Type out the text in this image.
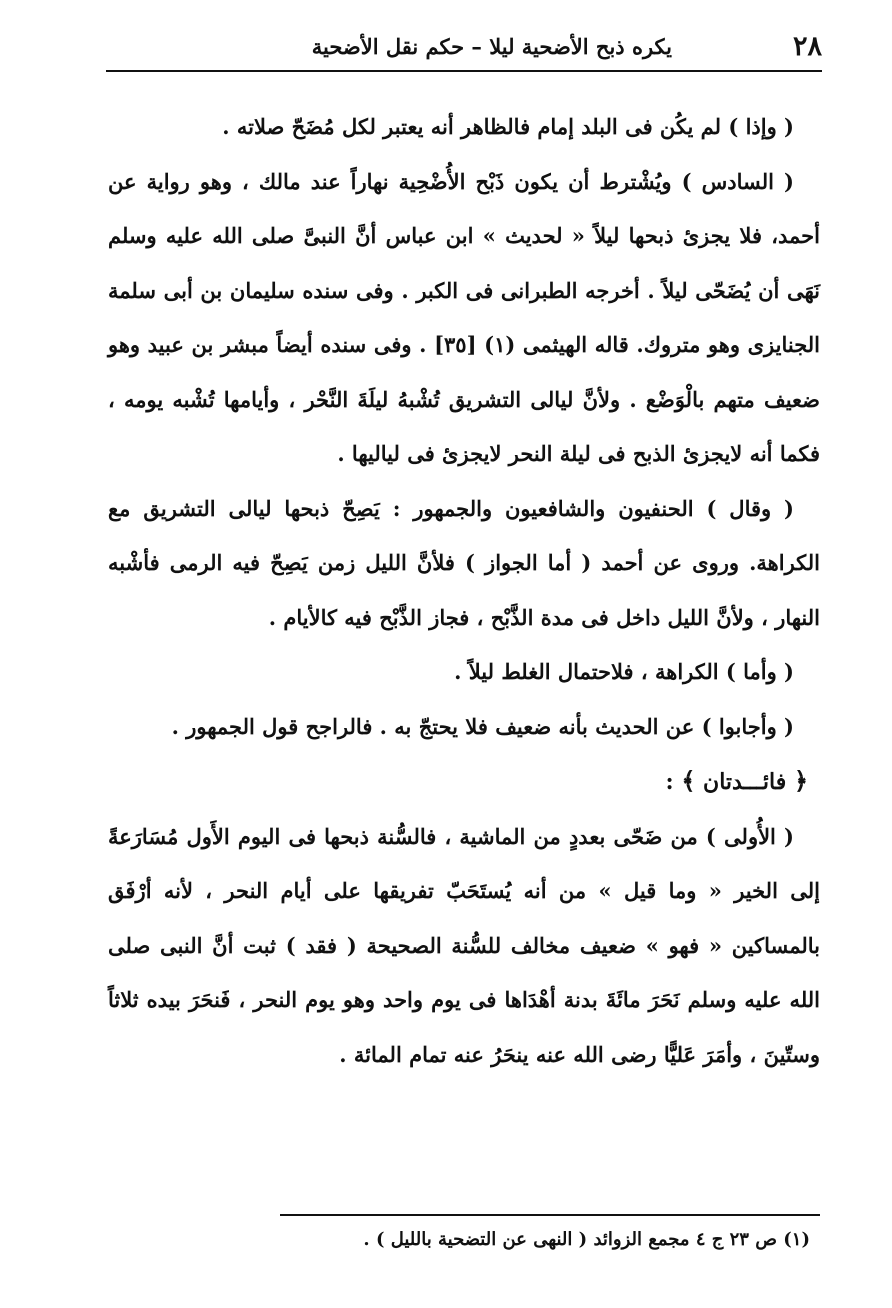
٢٨
يكره ذبح الأضحية ليلا – حكم نقل الأضحية

( وإذا ) لم يكُن فى البلد إمام فالظاهر أنه يعتبر لكل مُضَحّ صلاته .

( السادس ) ويُشْترط أن يكون ذَبْح الأُضْحِية نهاراً عند مالك ، وهو رواية عن أحمد، فلا يجزئ ذبحها ليلاً « لحديث » ابن عباس أنَّ النبىَّ صلى الله عليه وسلم نَهَى أن يُضَحّى ليلاً . أخرجه الطبرانى فى الكبر . وفى سنده سليمان بن أبى سلمة الجنايزى وهو متروك. قاله الهيثمى (١) [٣٥] . وفى سنده أيضاً مبشر بن عبيد وهو ضعيف متهم بالْوَضْع . ولأنَّ ليالى التشريق تُشْبهُ ليلَةَ النَّحْر ، وأيامها تُشْبه يومه ، فكما أنه لايجزئ الذبح فى ليلة النحر لايجزئ فى لياليها .

( وقال ) الحنفيون والشافعيون والجمهور : يَصِحّ ذبحها ليالى التشريق مع الكراهة. وروى عن أحمد ( أما الجواز ) فلأنَّ الليل زمن يَصِحّ فيه الرمى فأشْبه النهار ، ولأنَّ الليل داخل فى مدة الذَّبْح ، فجاز الذَّبْح فيه كالأيام .

( وأما ) الكراهة ، فلاحتمال الغلط ليلاً .

( وأجابوا ) عن الحديث بأنه ضعيف فلا يحتجّ به . فالراجح قول الجمهور .

﴿ فائـــدتان ﴾ :

( الأُولى ) من ضَحّى بعددٍ من الماشية ، فالسُّنة ذبحها فى اليوم الأَول مُسَارَعةً إلى الخير « وما قيل » من أنه يُستَحَبّ تفريقها على أيام النحر ، لأنه أرْفَق بالمساكين « فهو » ضعيف مخالف للسُّنة الصحيحة ( فقد ) ثبت أنَّ النبى صلى الله عليه وسلم نَحَرَ مائَةَ بدنة أهْدَاها فى يوم واحد وهو يوم النحر ، فَنحَرَ بيده ثلاثاً وستّينَ ، وأمَرَ عَليًّا رضى الله عنه ينحَرُ عنه تمام المائة .

(١) ص ٢٣ ج ٤ مجمع الزوائد ( النهى عن التضحية بالليل ) .
